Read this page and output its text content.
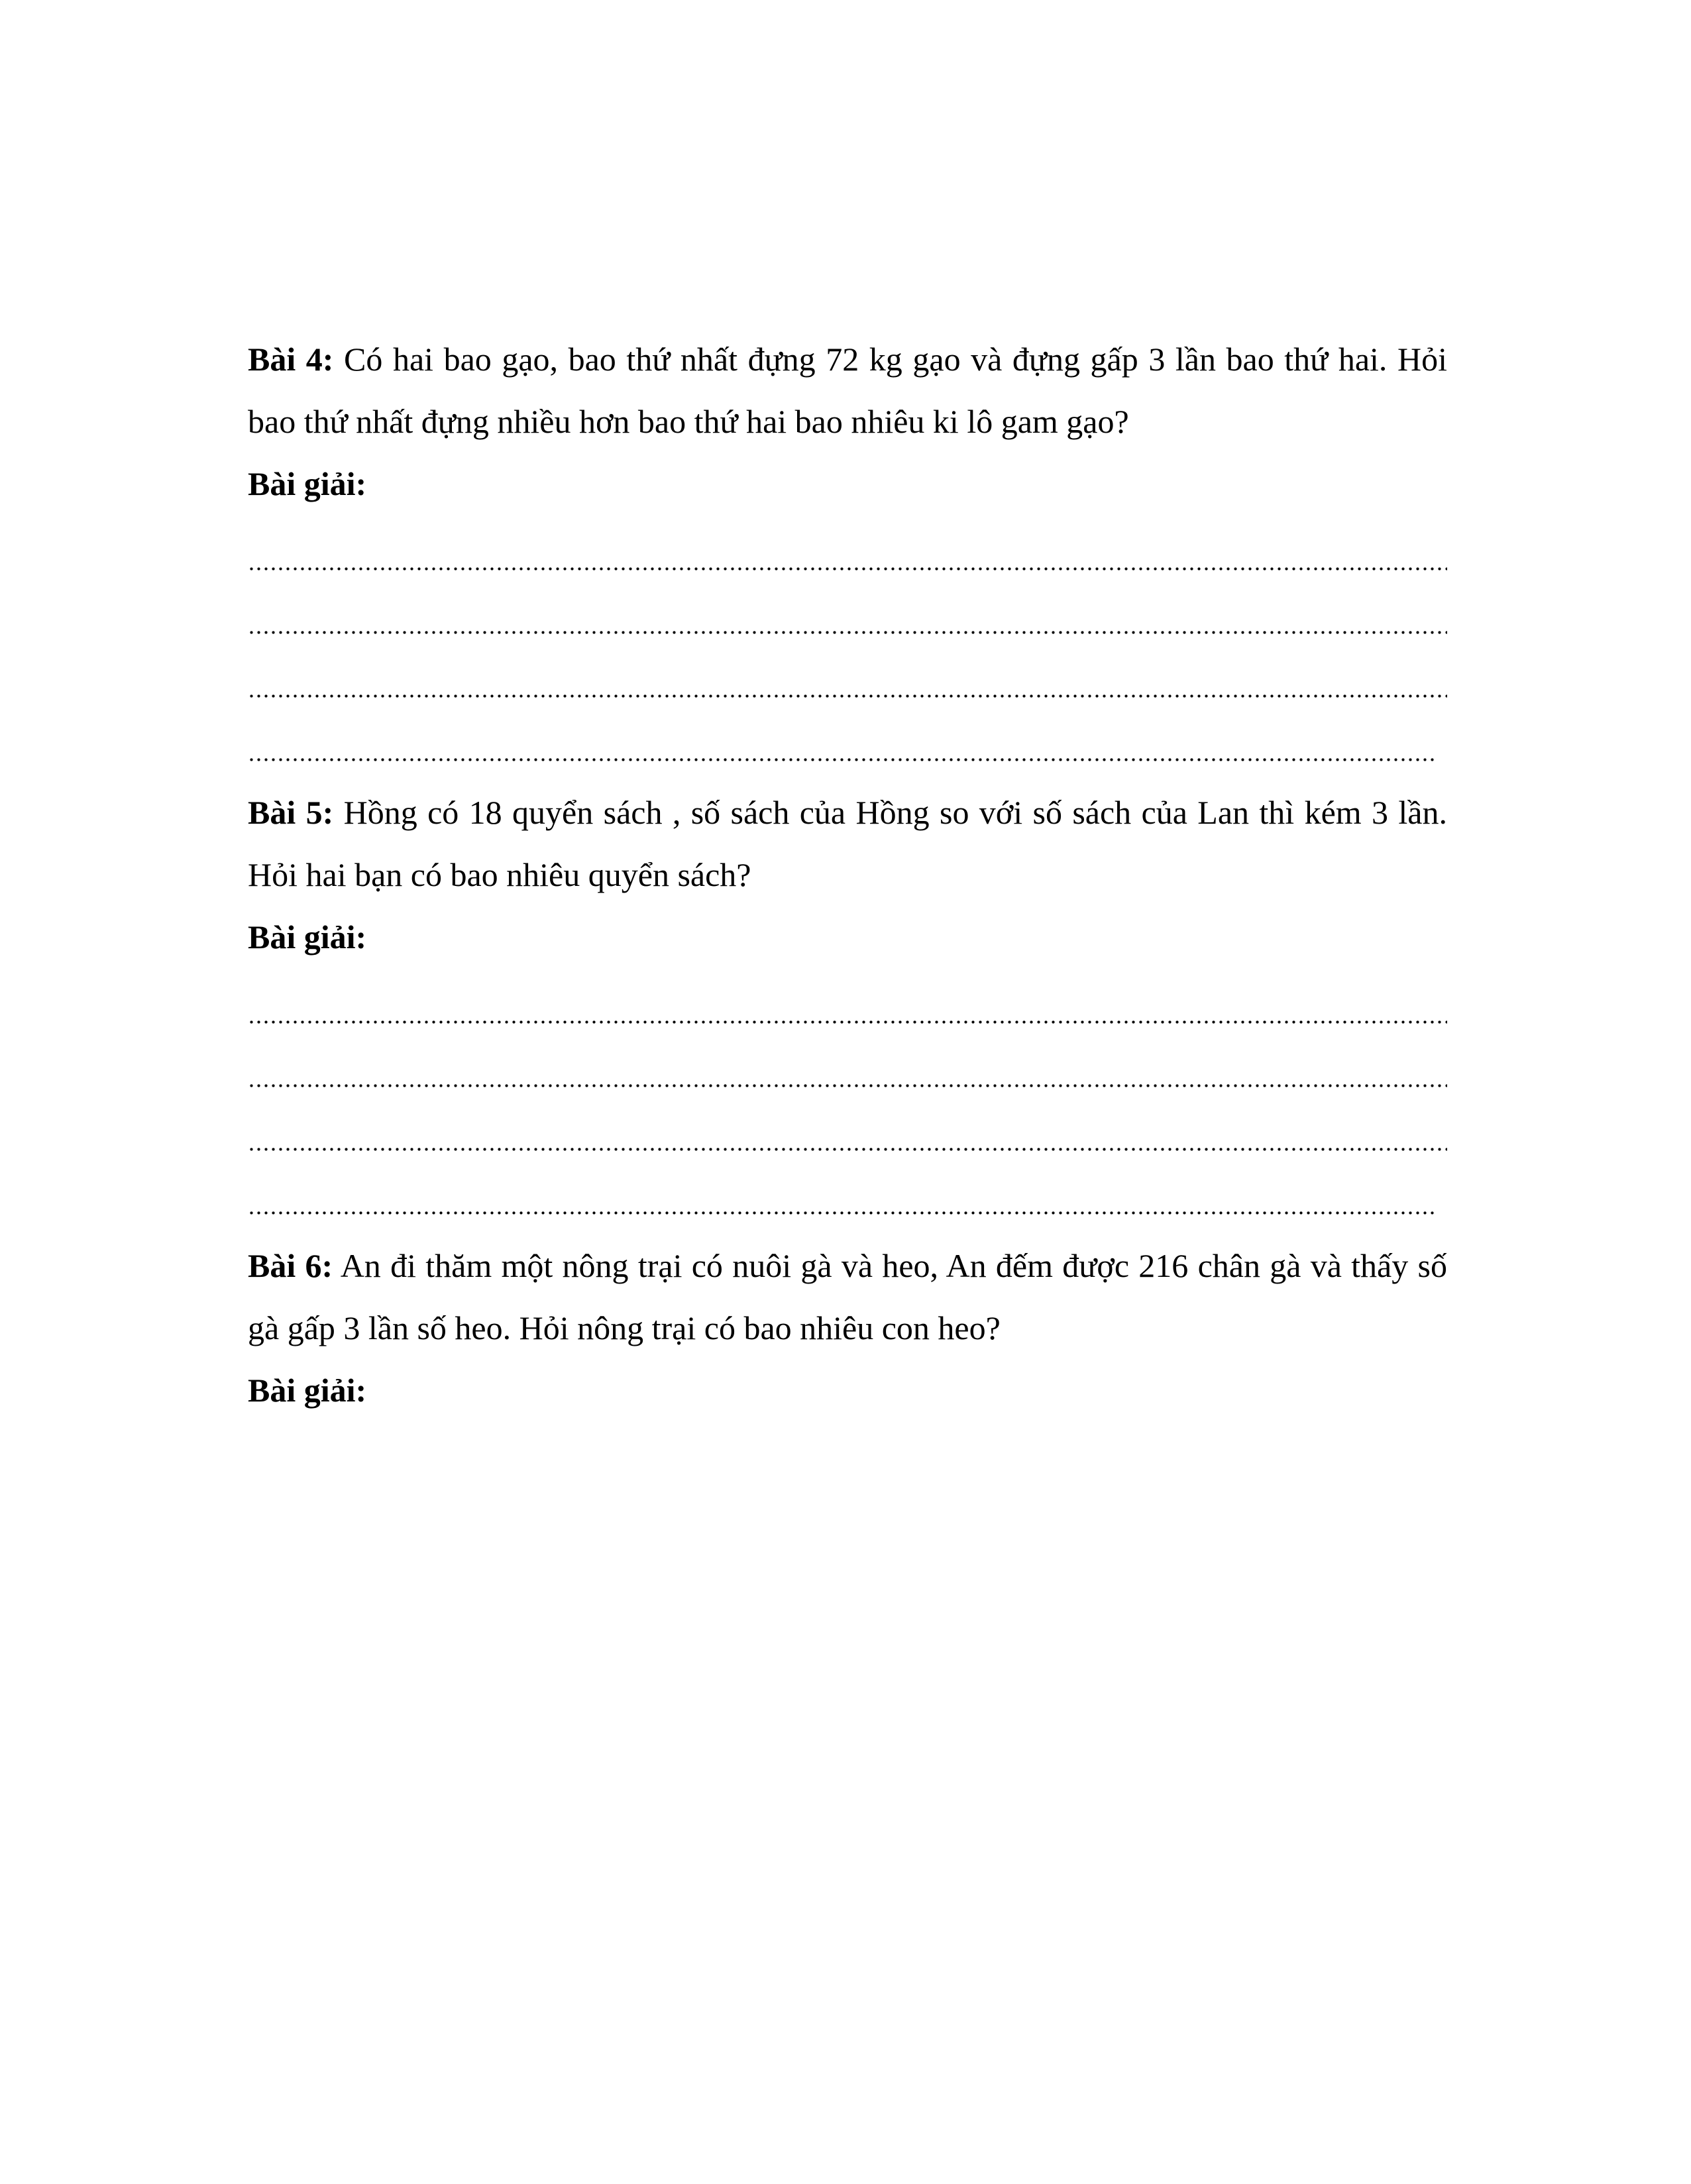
Bài 4: Có hai bao gạo, bao thứ nhất đựng 72 kg gạo và đựng gấp 3 lần bao thứ hai. Hỏi bao thứ nhất đựng nhiều hơn bao thứ hai bao nhiêu ki lô gam gạo?

Bài giải:

Bài 5: Hồng có 18 quyển sách , số sách của Hồng so với số sách của Lan thì kém 3 lần. Hỏi hai bạn có bao nhiêu quyển sách?

Bài giải:

Bài 6: An đi thăm một nông trại có nuôi gà và heo, An đếm được 216 chân gà và thấy số gà gấp 3 lần số heo. Hỏi nông trại có bao nhiêu con heo?

Bài giải:
